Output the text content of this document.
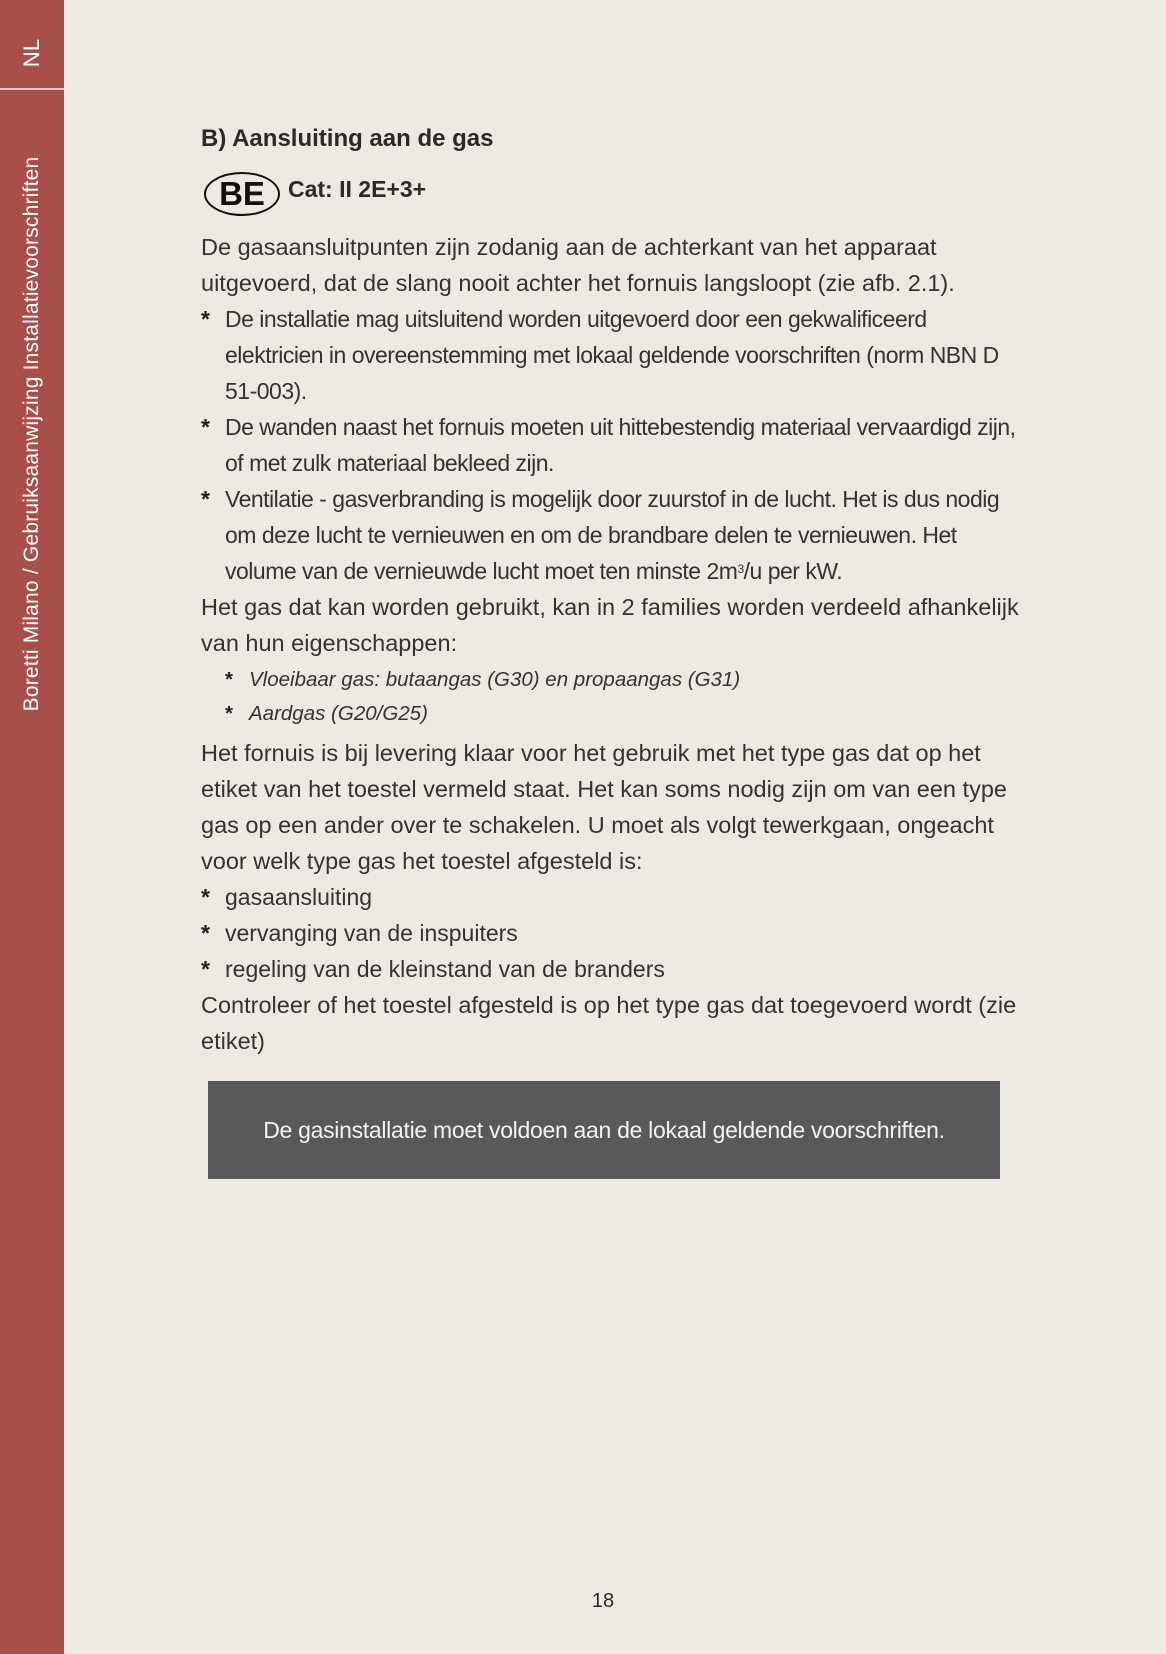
NL
Boretti Milano / Gebruiksaanwijzing Installatievoorschriften
B) Aansluiting aan de gas
BE	Cat: II 2E+3+

De gasaansluitpunten zijn zodanig aan de achterkant van het apparaat uitgevoerd, dat de slang nooit achter het fornuis langsloopt (zie afb. 2.1).

* De installatie mag uitsluitend worden uitgevoerd door een gekwalificeerd elektricien in overeenstemming met lokaal geldende voorschriften (norm NBN D 51-003).
* De wanden naast het fornuis moeten uit hittebestendig materiaal vervaardigd zijn, of met zulk materiaal bekleed zijn.
* Ventilatie - gasverbranding is mogelijk door zuurstof in de lucht. Het is dus nodig om deze lucht te vernieuwen en om de brandbare delen te vernieuwen. Het volume van de vernieuwde lucht moet ten minste $2m^3/u$ per kW.

Het gas dat kan worden gebruikt, kan in 2 families worden verdeeld afhankelijk van hun eigenschappen:

* Vloeibaar gas: butaangas (G30) en propaangas (G31)
* Aardgas (G20/G25)

Het fornuis is bij levering klaar voor het gebruik met het type gas dat op het etiket van het toestel vermeld staat. Het kan soms nodig zijn om van een type gas op een ander over te schakelen. U moet als volgt tewerkgaan, ongeacht voor welk type gas het toestel afgesteld is:

* gasaansluiting
* vervanging van de inspuiters
* regeling van de kleinstand van de branders

Controleer of het toestel afgesteld is op het type gas dat toegevoerd wordt (zie etiket)

De gasinstallatie moet voldoen aan de lokaal geldende voorschriften.
18
